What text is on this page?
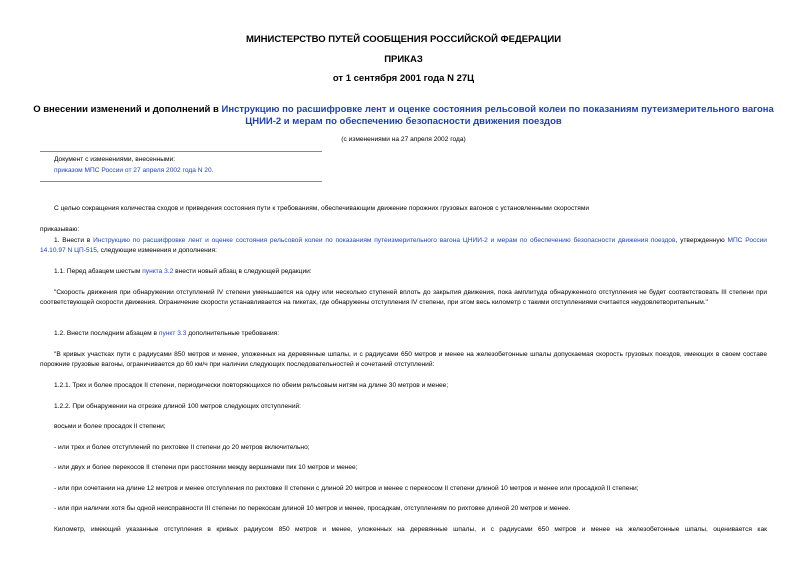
МИНИСТЕРСТВО ПУТЕЙ СООБЩЕНИЯ РОССИЙСКОЙ ФЕДЕРАЦИИ
ПРИКАЗ
от 1 сентября 2001 года N 27Ц
О внесении изменений и дополнений в Инструкцию по расшифровке лент и оценке состояния рельсовой колеи по показаниям путеизмерительного вагона ЦНИИ-2 и мерам по обеспечению безопасности движения поездов
(с изменениями на 27 апреля 2002 года)
Документ с изменениями, внесенными:
приказом МПС России от 27 апреля 2002 года N 20.
С целью сокращения количества сходов и приведения состояния пути к требованиям, обеспечивающим движение порожних грузовых вагонов с установленными скоростями
приказываю:
1. Внести в Инструкцию по расшифровке лент и оценке состояния рельсовой колеи по показаниям путеизмерительного вагона ЦНИИ-2 и мерам по обеспечению безопасности движения поездов, утвержденную МПС России 14.10.97 N ЦП-515, следующие изменения и дополнения:
1.1. Перед абзацем шестым пункта 3.2 внести новый абзац в следующей редакции:
"Скорость движения при обнаружении отступлений IV степени уменьшается на одну или несколько ступеней вплоть до закрытия движения, пока амплитуда обнаруженного отступления не будет соответствовать III степени при соответствующей скорости движения. Ограничение скорости устанавливается на пикетах, где обнаружены отступления IV степени, при этом весь километр с такими отступлениями считается неудовлетворительным."
1.2. Внести последним абзацем в пункт 3.3 дополнительные требования:
"В кривых участках пути с радиусами 850 метров и менее, уложенных на деревянные шпалы, и с радиусами 650 метров и менее на железобетонные шпалы допускаемая скорость грузовых поездов, имеющих в своем составе порожние грузовые вагоны, ограничивается до 60 км/ч при наличии следующих последовательностей и сочетаний отступлений:
1.2.1. Трех и более просадок II степени, периодически повторяющихся по обеим рельсовым нитям на длине 30 метров и менее;
1.2.2. При обнаружении на отрезке длиной 100 метров следующих отступлений:
восьми и более просадок II степени;
- или трех и более отступлений по рихтовке II степени до 20 метров включительно;
- или двух и более перекосов II степени при расстоянии между вершинами пик 10 метров и менее;
- или при сочетании на длине 12 метров и менее отступления по рихтовке II степени с длиной 20 метров и менее с перекосом II степени длиной 10 метров и менее или просадкой II степени;
- или при наличии хотя бы одной неисправности III степени по перекосам длиной 10 метров и менее, просадкам, отступлениям по рихтовке длиной 20 метров и менее.
Километр, имеющий указанные отступления в кривых радиусом 850 метров и менее, уложенных на деревянные шпалы, и с радиусами 650 метров и менее на железобетонные шпалы, оценивается как
